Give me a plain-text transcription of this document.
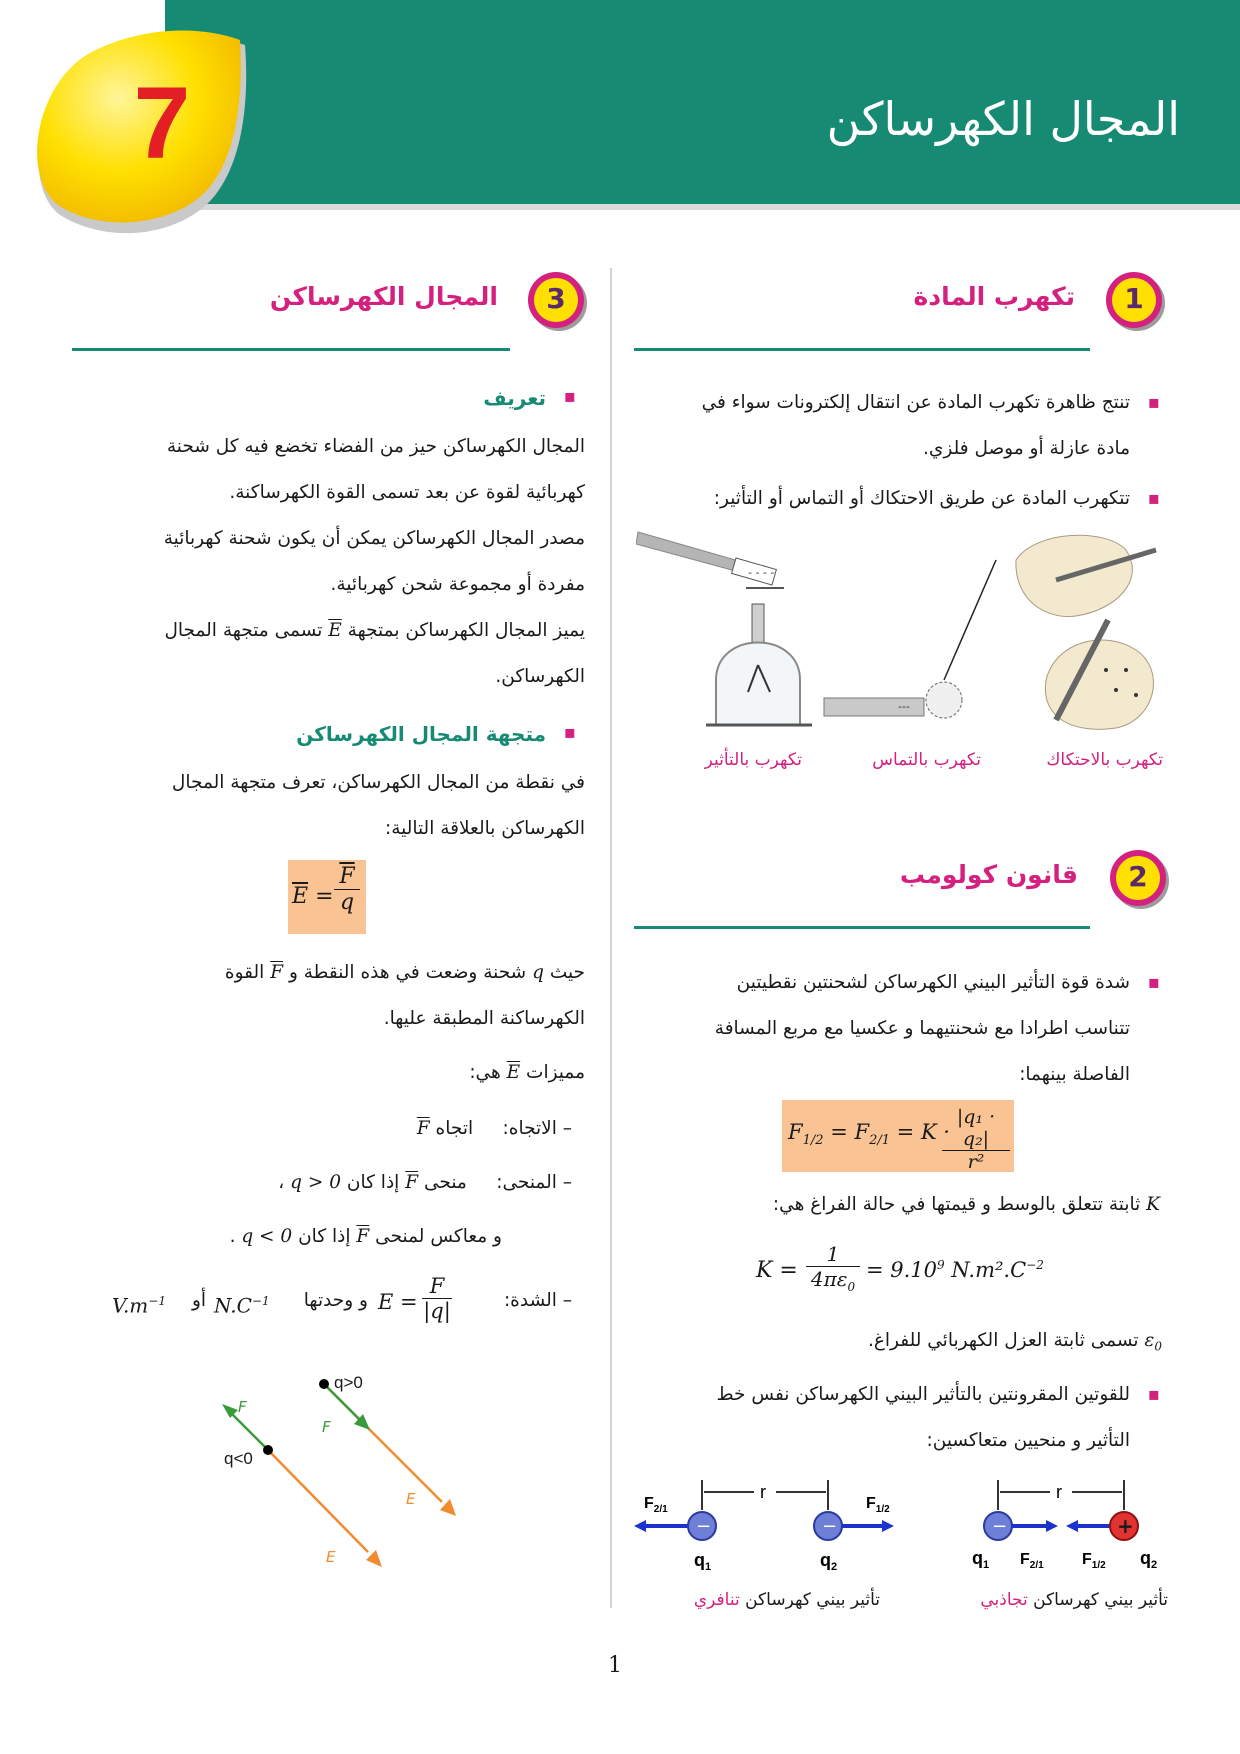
المجال الكهرساكن
7
1
تكهرب المادة
▪ تنتج ظاهرة تكهرب المادة عن انتقال إلكترونات سواء في
مادة عازلة أو موصل فلزي.
▪ تتكهرب المادة عن طريق الاحتكاك أو التماس أو التأثير:
- - - -
---
تكهرب بالتأثير	تكهرب بالتماس	تكهرب بالاحتكاك
2
قانون كولومب
▪ شدة قوة التأثير البيني الكهرساكن لشحنتين نقطيتين
تتناسب اطرادا مع شحنتيهما و عكسيا مع مربع المسافة
الفاصلة بينهما:
$F_{1/2} = F_{2/1} = K$ ·
|q₁ · q₂|
r²
K ثابتة تتعلق بالوسط و قيمتها في حالة الفراغ هي:
K =
1
$4\pi\varepsilon_0$
= $9.10^9$ $N.m^2.C^{-2}$
$\varepsilon_0$ تسمى ثابتة العزل الكهربائي للفراغ.
▪ للقوتين المقرونتين بالتأثير البيني الكهرساكن نفس خط
التأثير و منحيين متعاكسين:
r
−	−
$F_{2/1}$	$F_{1/2}$
$q_1$	$q_2$
r
−	+
$F_{2/1}$ $F_{1/2}$
$q_1$	$q_2$
تأثير بيني كهرساكن تنافري	تأثير بيني كهرساكن تجاذبي
3
المجال الكهرساكن
▪ تعريف
المجال الكهرساكن حيز من الفضاء تخضع فيه كل شحنة
كهربائية لقوة عن بعد تسمى القوة الكهرساكنة.
مصدر المجال الكهرساكن يمكن أن يكون شحنة كهربائية
مفردة أو مجموعة شحن كهربائية.
يميز المجال الكهرساكن بمتجهة E تسمى متجهة المجال
الكهرساكن.
▪ متجهة المجال الكهرساكن
في نقطة من المجال الكهرساكن، تعرف متجهة المجال
الكهرساكن بالعلاقة التالية:
$\overline{E}$ =
$\overline{F}$
q
حيث q شحنة وضعت في هذه النقطة و F القوة
الكهرساكنة المطبقة عليها.
مميزات E هي:
– الاتجاه:     اتجاه F
– المنحى:     منحى F إذا كان q > 0 ،
و معاكس لمنحى F إذا كان q < 0 .
– الشدة:
E =
F
|q|
و وحدتها
$N.C^{-1}$
أو
$V.m^{-1}$
q<0
F
E
q>0
F
E
1
